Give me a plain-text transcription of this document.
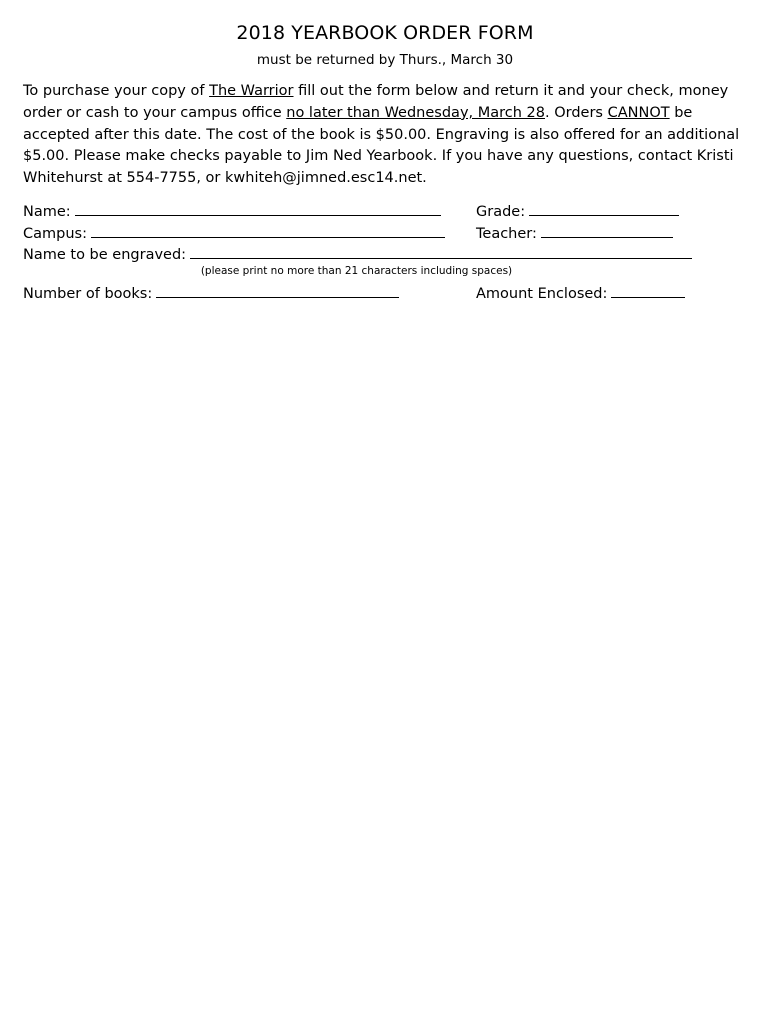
2018 YEARBOOK ORDER FORM
must be returned by Thurs., March 30

To purchase your copy of The Warrior fill out the form below and return it and your check, money order or cash to your campus office no later than Wednesday, March 28. Orders CANNOT be accepted after this date. The cost of the book is $50.00. Engraving is also offered for an additional $5.00. Please make checks payable to Jim Ned Yearbook. If you have any questions, contact Kristi Whitehurst at 554-7755, or kwhiteh@jimned.esc14.net.

Name:	Grade:
Campus:	Teacher:
Name to be engraved:
(please print no more than 21 characters including spaces)
Number of books:	Amount Enclosed:
